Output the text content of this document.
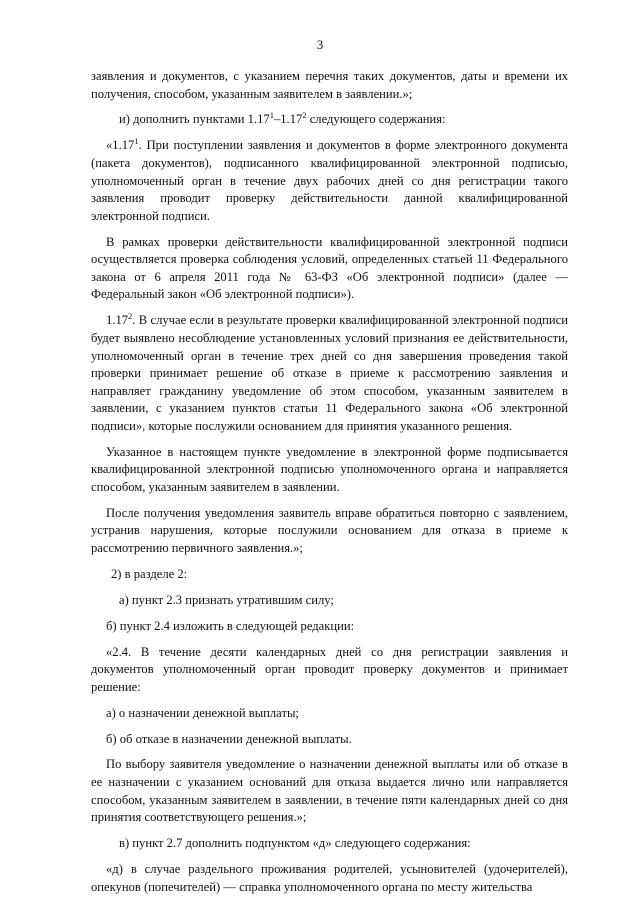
3

заявления и документов, с указанием перечня таких документов, даты и времени их получения, способом, указанным заявителем в заявлении.»;

и) дополнить пунктами 1.17$^1$–1.17$^2$ следующего содержания:

«1.17$^1$. При поступлении заявления и документов в форме электронного документа (пакета документов), подписанного квалифицированной электронной подписью, уполномоченный орган в течение двух рабочих дней со дня регистрации такого заявления проводит проверку действительности данной квалифицированной электронной подписи.

В рамках проверки действительности квалифицированной электронной подписи осуществляется проверка соблюдения условий, определенных статьей 11 Федерального закона от 6 апреля 2011 года № 63-ФЗ «Об электронной подписи» (далее — Федеральный закон «Об электронной подписи»).

1.17$^2$. В случае если в результате проверки квалифицированной электронной подписи будет выявлено несоблюдение установленных условий признания ее действительности, уполномоченный орган в течение трех дней со дня завершения проведения такой проверки принимает решение об отказе в приеме к рассмотрению заявления и направляет гражданину уведомление об этом способом, указанным заявителем в заявлении, с указанием пунктов статьи 11 Федерального закона «Об электронной подписи», которые послужили основанием для принятия указанного решения.

Указанное в настоящем пункте уведомление в электронной форме подписывается квалифицированной электронной подписью уполномоченного органа и направляется способом, указанным заявителем в заявлении.

После получения уведомления заявитель вправе обратиться повторно с заявлением, устранив нарушения, которые послужили основанием для отказа в приеме к рассмотрению первичного заявления.»;

2) в разделе 2:

а) пункт 2.3 признать утратившим силу;

б) пункт 2.4 изложить в следующей редакции:

«2.4. В течение десяти календарных дней со дня регистрации заявления и документов уполномоченный орган проводит проверку документов и принимает решение:

а) о назначении денежной выплаты;

б) об отказе в назначении денежной выплаты.

По выбору заявителя уведомление о назначении денежной выплаты или об отказе в ее назначении с указанием оснований для отказа выдается лично или направляется способом, указанным заявителем в заявлении, в течение пяти календарных дней со дня принятия соответствующего решения.»;

в) пункт 2.7 дополнить подпунктом «д» следующего содержания:

«д) в случае раздельного проживания родителей, усыновителей (удочерителей), опекунов (попечителей) — справка уполномоченного органа по месту жительства
